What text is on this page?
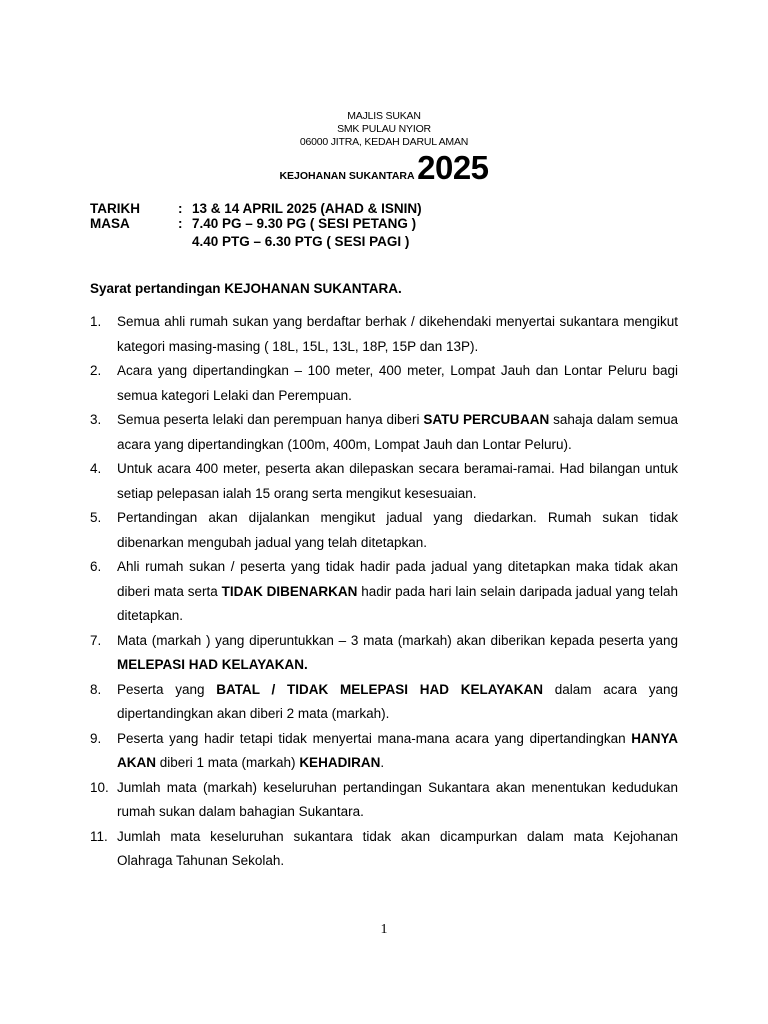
MAJLIS SUKAN
SMK PULAU NYIOR
06000 JITRA, KEDAH DARUL AMAN
KEJOHANAN SUKANTARA 2025
TARIKH	: 13 & 14 APRIL 2025 (AHAD & ISNIN)
MASA	: 7.40 PG – 9.30 PG ( SESI PETANG )
4.40 PTG – 6.30 PTG ( SESI PAGI )
Syarat pertandingan KEJOHANAN SUKANTARA.
1. Semua ahli rumah sukan yang berdaftar berhak / dikehendaki menyertai sukantara mengikut kategori masing-masing ( 18L, 15L, 13L, 18P, 15P dan 13P).
2. Acara yang dipertandingkan – 100 meter, 400 meter, Lompat Jauh dan Lontar Peluru bagi semua kategori Lelaki dan Perempuan.
3. Semua peserta lelaki dan perempuan hanya diberi SATU PERCUBAAN sahaja dalam semua acara yang dipertandingkan (100m, 400m, Lompat Jauh dan Lontar Peluru).
4. Untuk acara 400 meter, peserta akan dilepaskan secara beramai-ramai. Had bilangan untuk setiap pelepasan ialah 15 orang serta mengikut kesesuaian.
5. Pertandingan akan dijalankan mengikut jadual yang diedarkan. Rumah sukan tidak dibenarkan mengubah jadual yang telah ditetapkan.
6. Ahli rumah sukan / peserta yang tidak hadir pada jadual yang ditetapkan maka tidak akan diberi mata serta TIDAK DIBENARKAN hadir pada hari lain selain daripada jadual yang telah ditetapkan.
7. Mata (markah ) yang diperuntukkan – 3 mata (markah) akan diberikan kepada peserta yang MELEPASI HAD KELAYAKAN.
8. Peserta yang BATAL / TIDAK MELEPASI HAD KELAYAKAN dalam acara yang dipertandingkan akan diberi 2 mata (markah).
9. Peserta yang hadir tetapi tidak menyertai mana-mana acara yang dipertandingkan HANYA AKAN diberi 1 mata (markah) KEHADIRAN.
10. Jumlah mata (markah) keseluruhan pertandingan Sukantara akan menentukan kedudukan rumah sukan dalam bahagian Sukantara.
11. Jumlah mata keseluruhan sukantara tidak akan dicampurkan dalam mata Kejohanan Olahraga Tahunan Sekolah.
1
